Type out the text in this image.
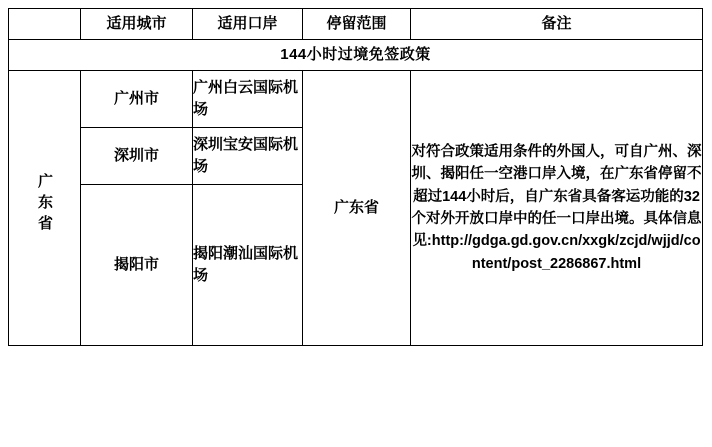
	适用城市	适用口岸	停留范围	备注
144小时过境免签政策				
广东省	广州市	广州白云国际机场	广东省	对符合政策适用条件的外国人，可自广州、深圳、揭阳任一空港口岸入境，在广东省停留不超过144小时后，自广东省具备客运功能的32个对外开放口岸中的任一口岸出境。具体信息见:http://gdga.gd.gov.cn/xxgk/zcjd/wjjd/content/post_2286867.html

	深圳市	深圳宝安国际机场		

	揭阳市	揭阳潮汕国际机场		
